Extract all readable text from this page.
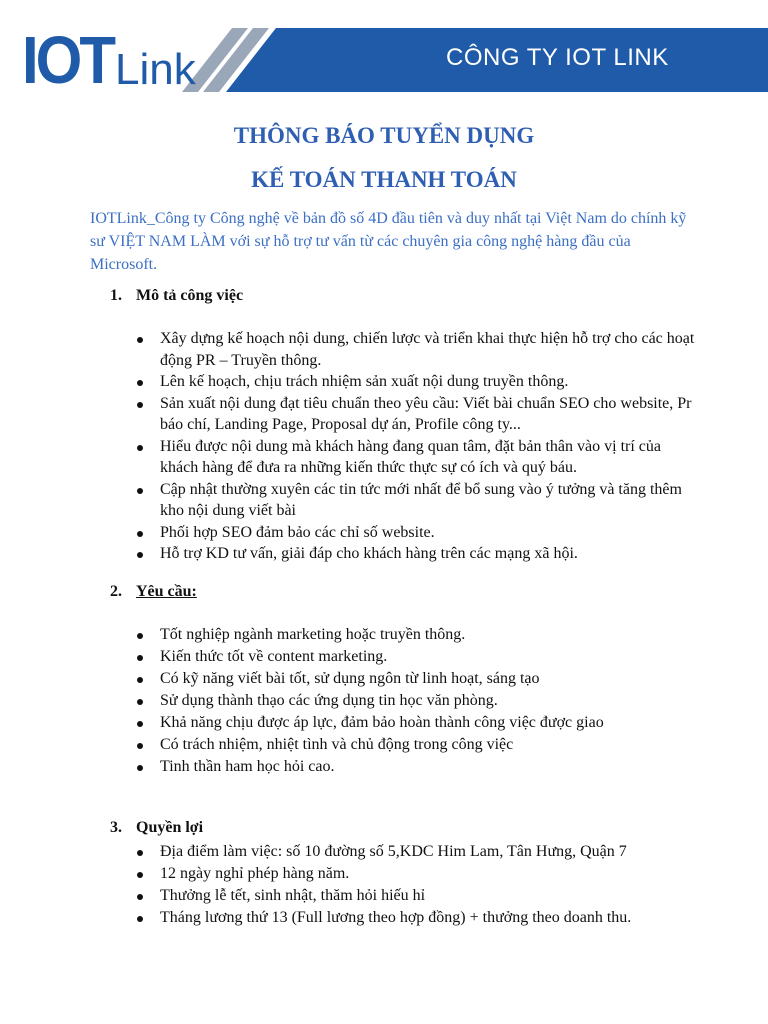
IOT Link	CÔNG TY IOT LINK
THÔNG BÁO TUYỂN DỤNG
KẾ TOÁN THANH TOÁN
IOTLink_Công ty Công nghệ về bản đồ số 4D đầu tiên và duy nhất tại Việt Nam do chính kỹ sư VIỆT NAM LÀM với sự hỗ trợ tư vấn từ các chuyên gia công nghệ hàng đầu của Microsoft.
1. Mô tả công việc
Xây dựng kế hoạch nội dung, chiến lược và triển khai thực hiện hỗ trợ cho các hoạt động PR – Truyền thông.
Lên kế hoạch, chịu trách nhiệm sản xuất nội dung truyền thông.
Sản xuất nội dung đạt tiêu chuẩn theo yêu cầu: Viết bài chuẩn SEO cho website, Pr báo chí, Landing Page, Proposal dự án, Profile công ty...
Hiểu được nội dung mà khách hàng đang quan tâm, đặt bản thân vào vị trí của khách hàng để đưa ra những kiến thức thực sự có ích và quý báu.
Cập nhật thường xuyên các tin tức mới nhất để bổ sung vào ý tưởng và tăng thêm kho nội dung viết bài
Phối hợp SEO đảm bảo các chỉ số website.
Hỗ trợ KD tư vấn, giải đáp cho khách hàng trên các mạng xã hội.
2. Yêu cầu:
Tốt nghiệp ngành marketing hoặc truyền thông.
Kiến thức tốt về content marketing.
Có kỹ năng viết bài tốt, sử dụng ngôn từ linh hoạt, sáng tạo
Sử dụng thành thạo các ứng dụng tin học văn phòng.
Khả năng chịu được áp lực, đảm bảo hoàn thành công việc được giao
Có trách nhiệm, nhiệt tình và chủ động trong công việc
Tinh thần ham học hỏi cao.
3. Quyền lợi
Địa điểm làm việc: số 10 đường số 5,KDC Him Lam, Tân Hưng, Quận 7
12 ngày nghỉ phép hàng năm.
Thưởng lễ tết, sinh nhật, thăm hỏi hiếu hỉ
Tháng lương thứ 13 (Full lương theo hợp đồng) + thưởng theo doanh thu.
